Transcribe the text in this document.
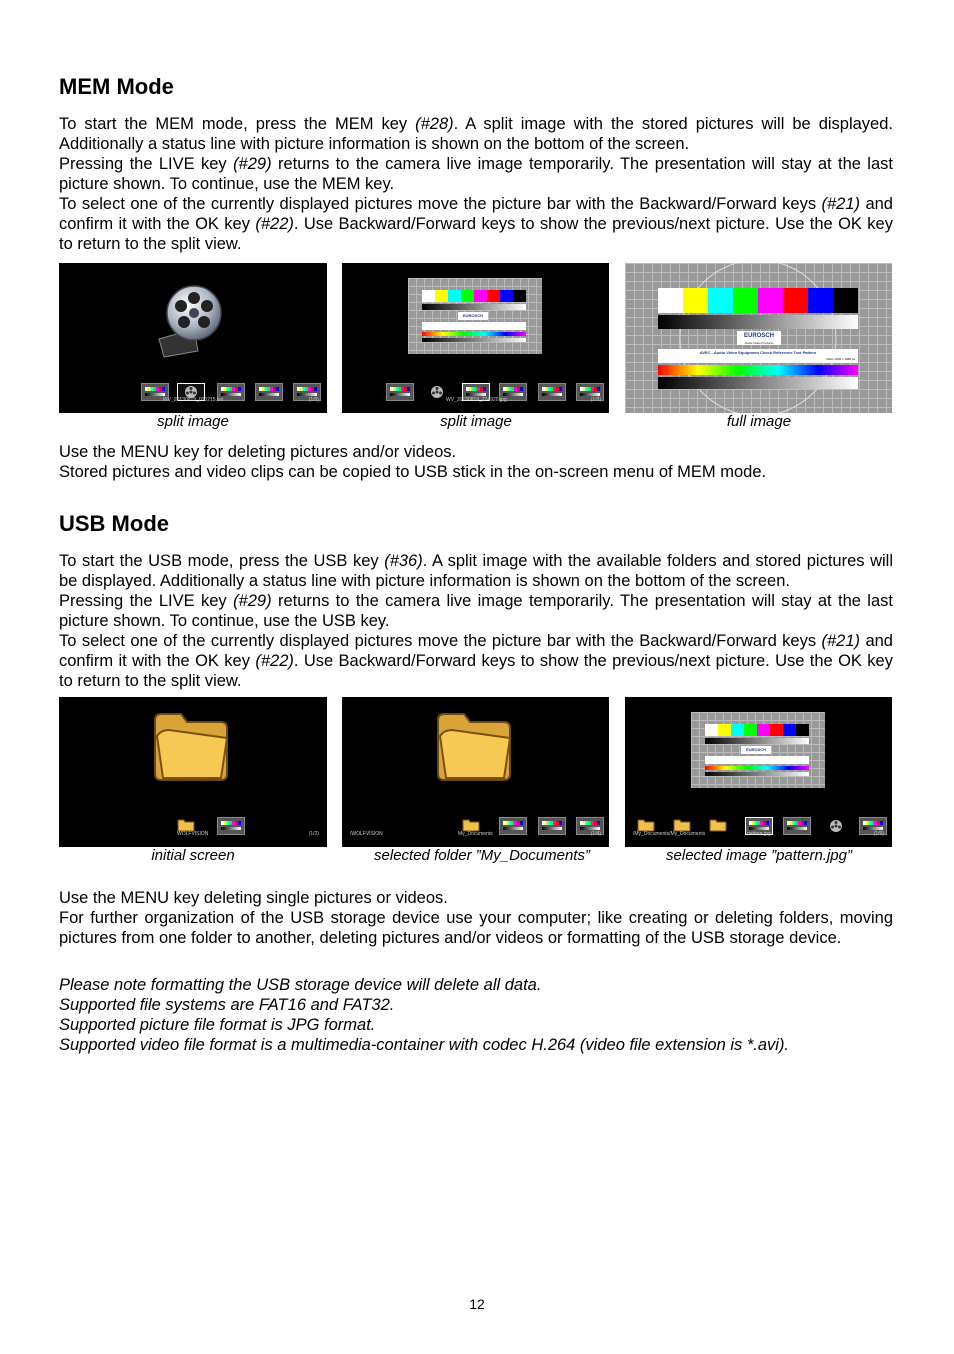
MEM Mode

To start the MEM mode, press the MEM key (#28). A split image with the stored pictures will be displayed. Additionally a status line with picture information is shown on the bottom of the screen.

Pressing the LIVE key (#29) returns to the camera live image temporarily. The presentation will stay at the last picture shown. To continue, use the MEM key.

To select one of the currently displayed pictures move the picture bar with the Backward/Forward keys (#21) and confirm it with the OK key (#22). Use Backward/Forward keys to show the previous/next picture. Use the OK key to return to the split view.

WV_20130819_030215.avi	(1/9)
EUROSCH
WV_20130819_224920.jpg	(1/9)
EUROSCH
Audio Video Products
AVEC - Audio Video Equipment Check Reference Test Pattern
Video 1920 x 1080 px
split image	split image	full image

Use the MENU key for deleting pictures and/or videos.

Stored pictures and video clips can be copied to USB stick in the on-screen menu of MEM mode.

USB Mode

To start the USB mode, press the USB key (#36). A split image with the available folders and stored pictures will be displayed. Additionally a status line with picture information is shown on the bottom of the screen.

Pressing the LIVE key (#29) returns to the camera live image temporarily. The presentation will stay at the last picture shown. To continue, use the USB key.

To select one of the currently displayed pictures move the picture bar with the Backward/Forward keys (#21) and confirm it with the OK key (#22). Use Backward/Forward keys to show the previous/next picture. Use the OK key to return to the split view.

WOLFVISION	(1/2)	/WOLFVISION	My_Documents	(1/4)
EUROSCH
/My_Documents/My_Documents	pattern.jpg	(1/9)
initial screen	selected folder ”My_Documents”	selected image ”pattern.jpg”

Use the MENU key deleting single pictures or videos.

For further organization of the USB storage device use your computer; like creating or deleting folders, moving pictures from one folder to another, deleting pictures and/or videos or formatting of the USB storage device.

Please note formatting the USB storage device will delete all data.

Supported file systems are FAT16 and FAT32.

Supported picture file format is JPG format.

Supported video file format is a multimedia-container with codec H.264 (video file extension is *.avi).

12
